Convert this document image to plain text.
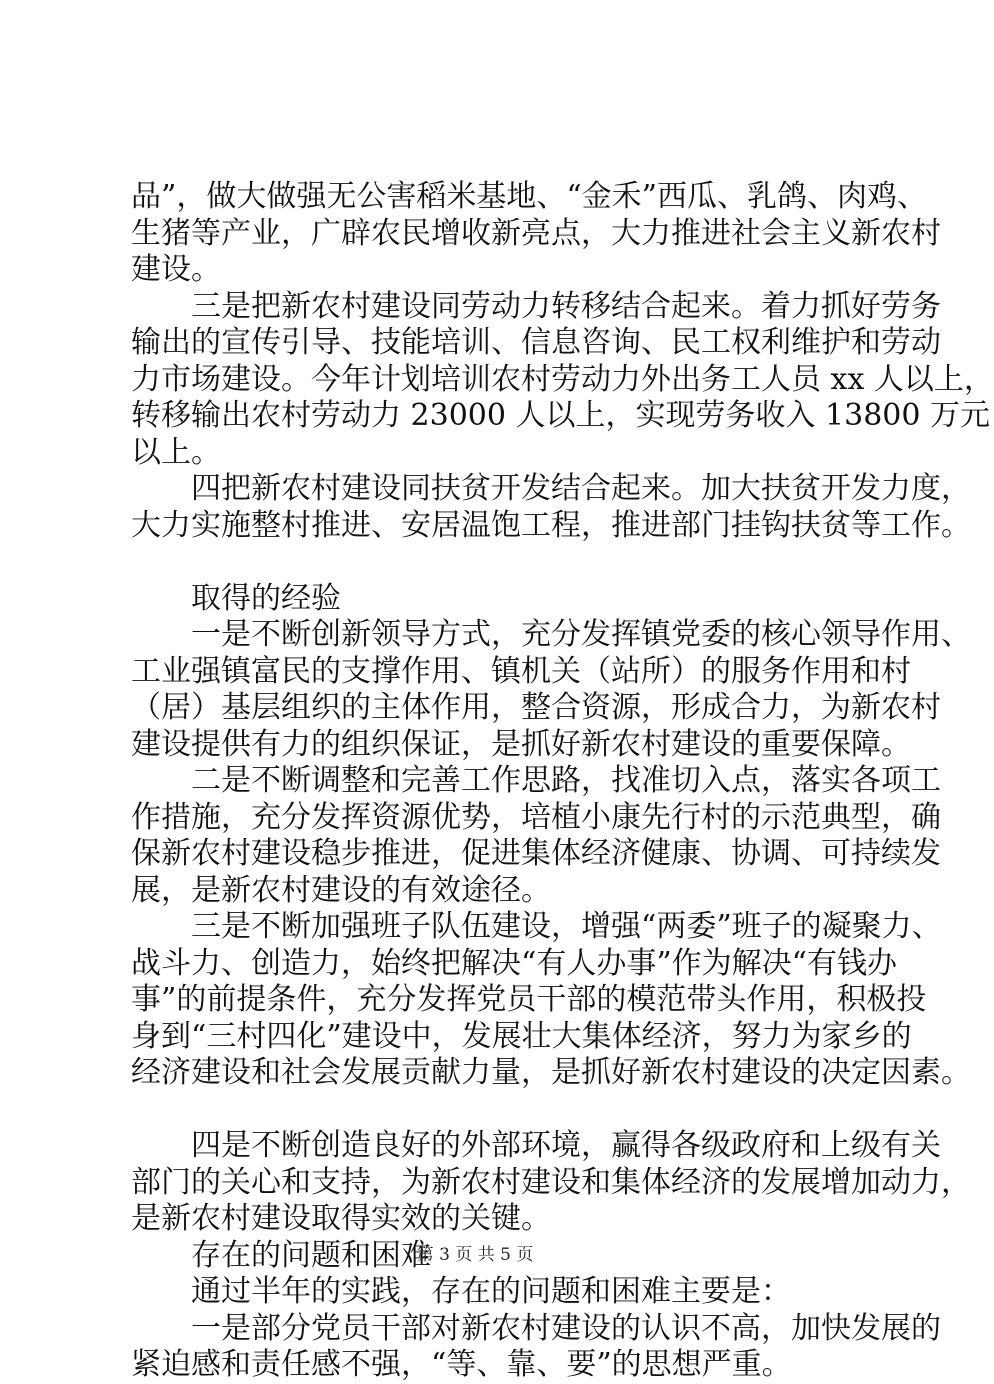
品”，做大做强无公害稻米基地、“金禾”西瓜、乳鸽、肉鸡、
生猪等产业，广辟农民增收新亮点，大力推进社会主义新农村
建设。
三是把新农村建设同劳动力转移结合起来。着力抓好劳务
输出的宣传引导、技能培训、信息咨询、民工权利维护和劳动
力市场建设。今年计划培训农村劳动力外出务工人员 xx 人以上，
转移输出农村劳动力 23000 人以上，实现劳务收入 13800 万元
以上。
四把新农村建设同扶贫开发结合起来。加大扶贫开发力度，
大力实施整村推进、安居温饱工程，推进部门挂钩扶贫等工作。
取得的经验
一是不断创新领导方式，充分发挥镇党委的核心领导作用、
工业强镇富民的支撑作用、镇机关（站所）的服务作用和村
（居）基层组织的主体作用，整合资源，形成合力，为新农村
建设提供有力的组织保证，是抓好新农村建设的重要保障。
二是不断调整和完善工作思路，找准切入点，落实各项工
作措施，充分发挥资源优势，培植小康先行村的示范典型，确
保新农村建设稳步推进，促进集体经济健康、协调、可持续发
展，是新农村建设的有效途径。
三是不断加强班子队伍建设，增强“两委”班子的凝聚力、
战斗力、创造力，始终把解决“有人办事”作为解决“有钱办
事”的前提条件，充分发挥党员干部的模范带头作用，积极投
身到“三村四化”建设中，发展壮大集体经济，努力为家乡的
经济建设和社会发展贡献力量，是抓好新农村建设的决定因素。
四是不断创造良好的外部环境，赢得各级政府和上级有关
部门的关心和支持，为新农村建设和集体经济的发展增加动力，
是新农村建设取得实效的关键。
存在的问题和困难
通过半年的实践，存在的问题和困难主要是：
一是部分党员干部对新农村建设的认识不高，加快发展的
紧迫感和责任感不强，“等、靠、要”的思想严重。
第 3 页 共 5 页
